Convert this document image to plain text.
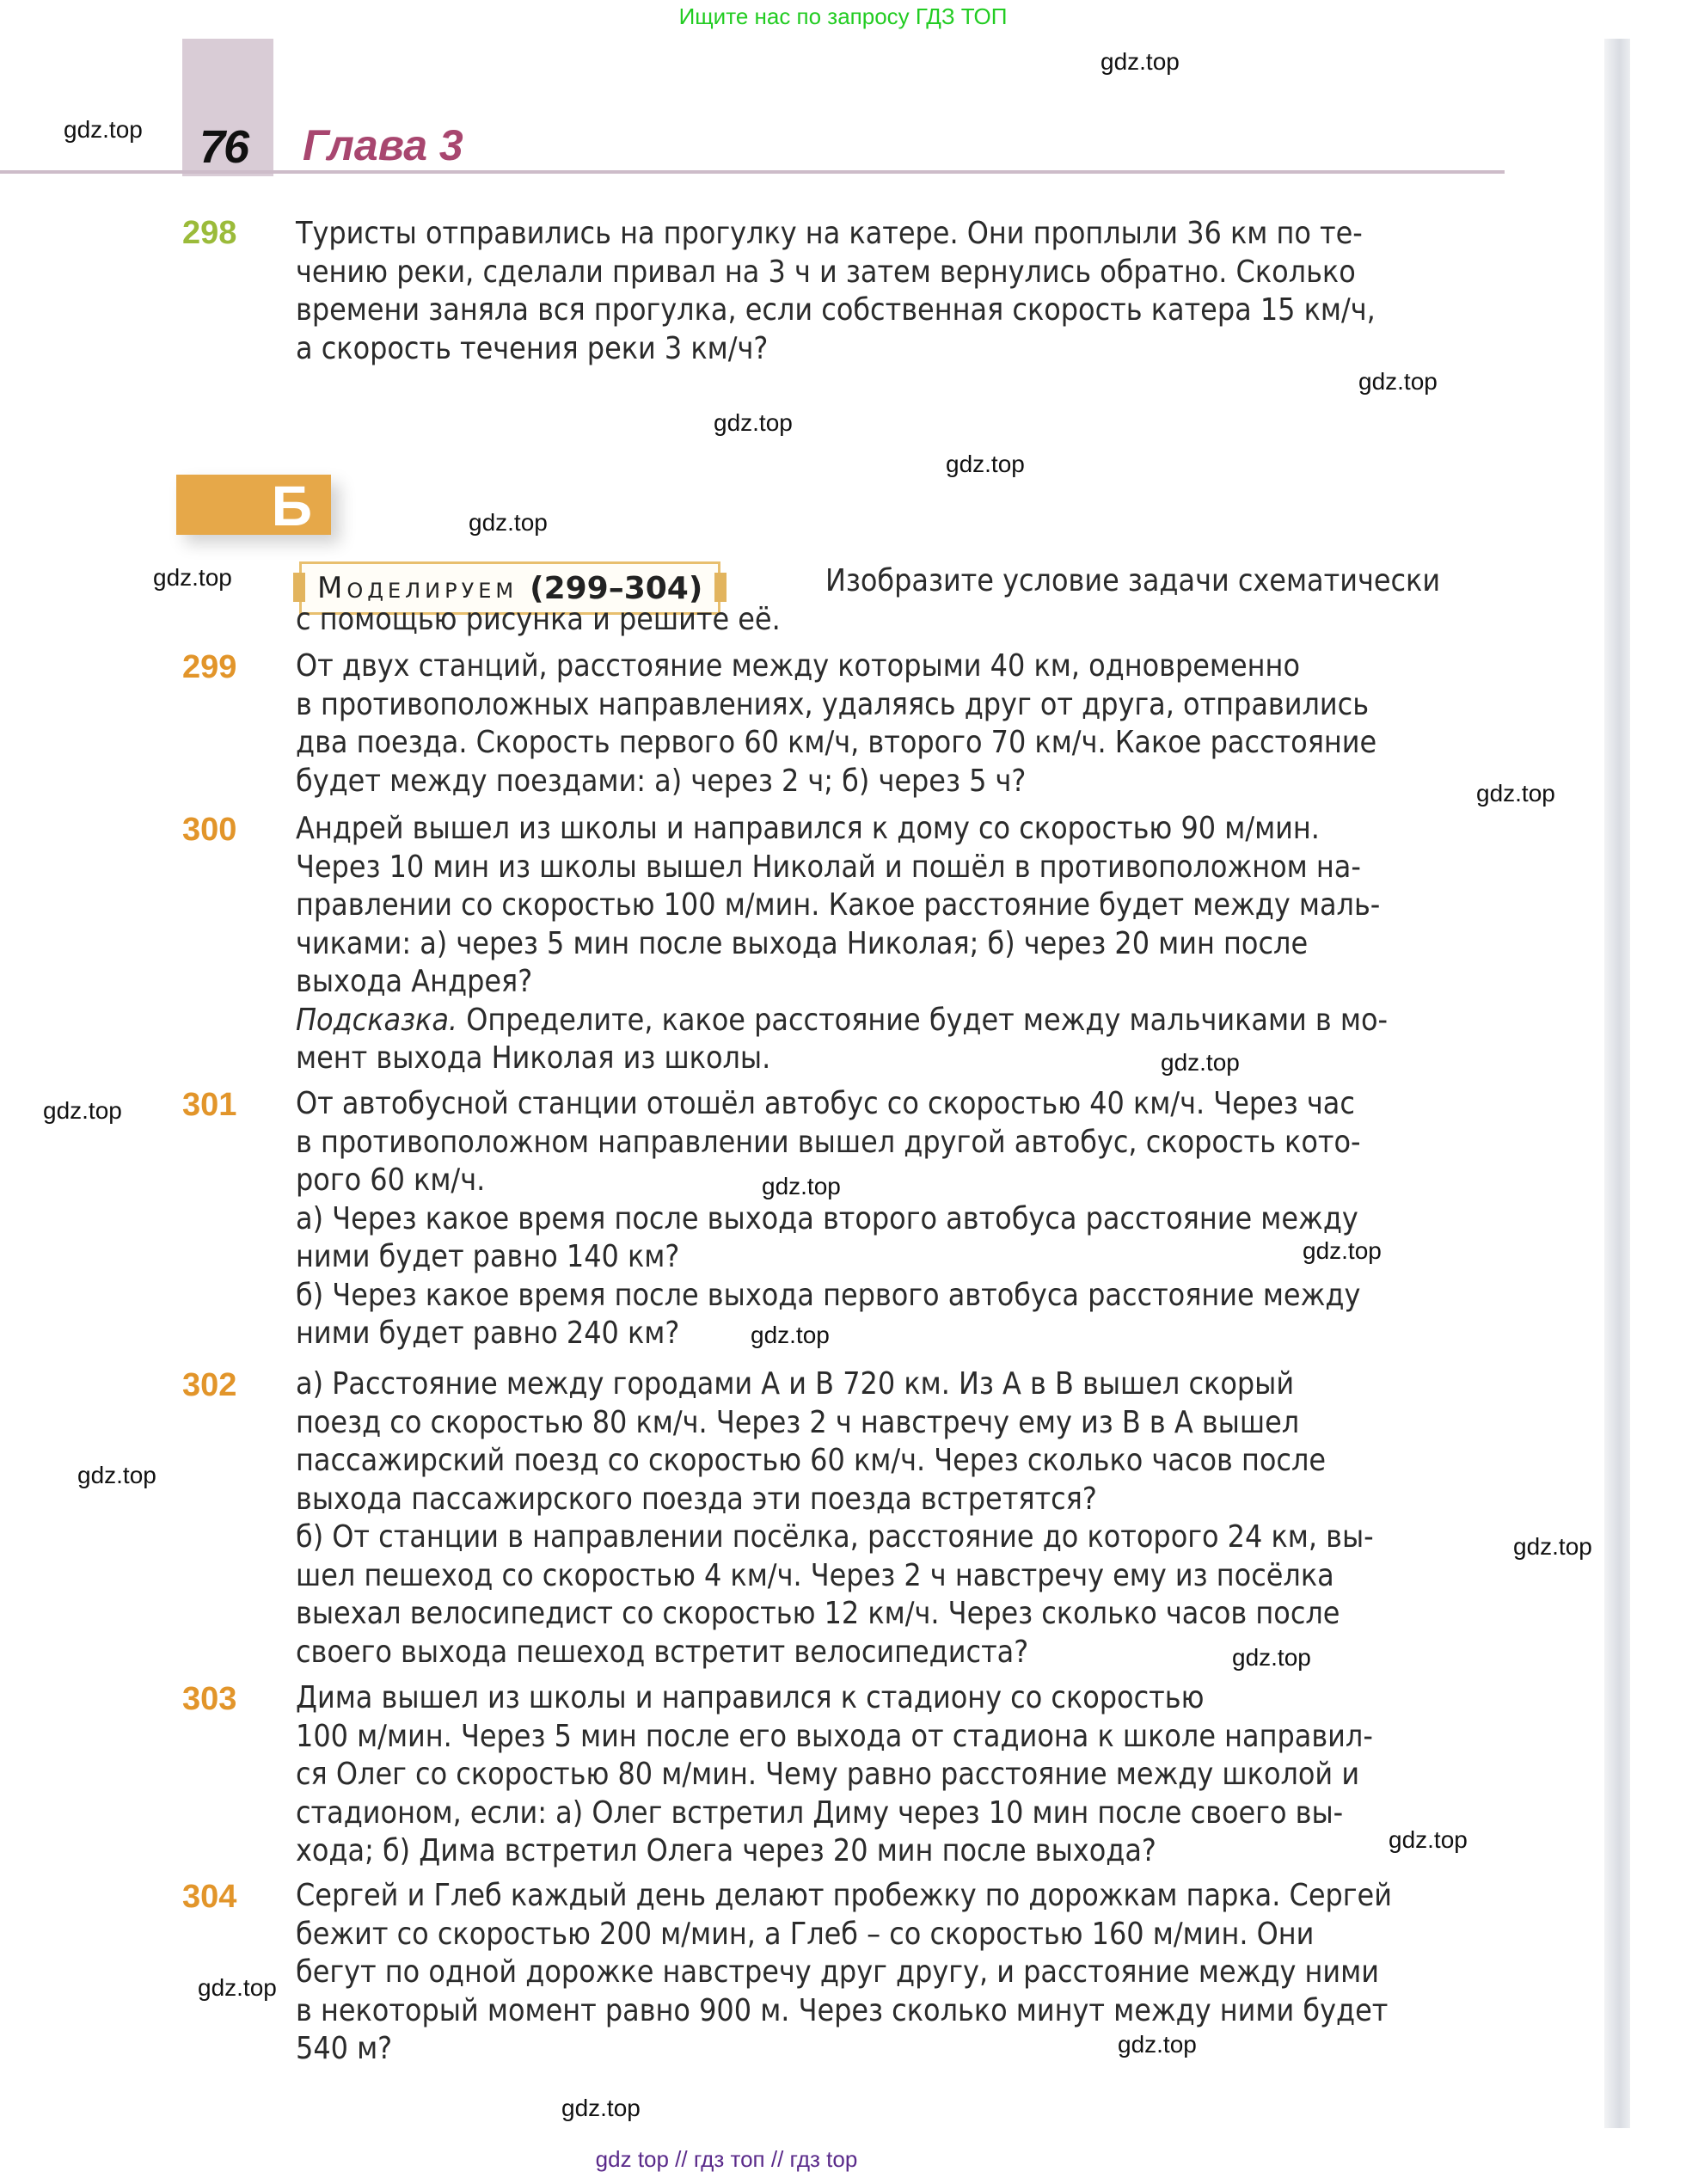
Ищите нас по запросу ГДЗ ТОП
76 Глава 3
298 Туристы отправились на прогулку на катере. Они проплыли 36 км по те-
чению реки, сделали привал на 3 ч и затем вернулись обратно. Сколько
времени заняла вся прогулка, если собственная скорость катера 15 км/ч,
а скорость течения реки 3 км/ч?
Б
Моделируем (299–304)	Изобразите условие задачи схематически
с помощью рисунка и решите её.
299 От двух станций, расстояние между которыми 40 км, одновременно
в противоположных направлениях, удаляясь друг от друга, отправились
два поезда. Скорость первого 60 км/ч, второго 70 км/ч. Какое расстояние
будет между поездами: а) через 2 ч; б) через 5 ч?
300 Андрей вышел из школы и направился к дому со скоростью 90 м/мин.
Через 10 мин из школы вышел Николай и пошёл в противоположном на-
правлении со скоростью 100 м/мин. Какое расстояние будет между маль-
чиками: а) через 5 мин после выхода Николая; б) через 20 мин после
выхода Андрея?
Подсказка. Определите, какое расстояние будет между мальчиками в мо-
мент выхода Николая из школы.
301 От автобусной станции отошёл автобус со скоростью 40 км/ч. Через час
в противоположном направлении вышел другой автобус, скорость кото-
рого 60 км/ч.
а) Через какое время после выхода второго автобуса расстояние между
ними будет равно 140 км?
б) Через какое время после выхода первого автобуса расстояние между
ними будет равно 240 км?
302 а) Расстояние между городами A и B 720 км. Из A в B вышел скорый
поезд со скоростью 80 км/ч. Через 2 ч навстречу ему из B в A вышел
пассажирский поезд со скоростью 60 км/ч. Через сколько часов после
выхода пассажирского поезда эти поезда встретятся?
б) От станции в направлении посёлка, расстояние до которого 24 км, вы-
шел пешеход со скоростью 4 км/ч. Через 2 ч навстречу ему из посёлка
выехал велосипедист со скоростью 12 км/ч. Через сколько часов после
своего выхода пешеход встретит велосипедиста?
303 Дима вышел из школы и направился к стадиону со скоростью
100 м/мин. Через 5 мин после его выхода от стадиона к школе направил-
ся Олег со скоростью 80 м/мин. Чему равно расстояние между школой и
стадионом, если: а) Олег встретил Диму через 10 мин после своего вы-
хода; б) Дима встретил Олега через 20 мин после выхода?
304 Сергей и Глеб каждый день делают пробежку по дорожкам парка. Сергей
бежит со скоростью 200 м/мин, а Глеб – со скоростью 160 м/мин. Они
бегут по одной дорожке навстречу друг другу, и расстояние между ними
в некоторый момент равно 900 м. Через сколько минут между ними будет
540 м?
gdz.top
gdz.top
gdz.top
gdz.top
gdz.top
gdz.top
gdz.top
gdz.top
gdz.top
gdz.top
gdz.top
gdz.top
gdz.top
gdz.top
gdz.top
gdz.top
gdz.top
gdz.top
gdz.top
gdz.top
gdz top // гдз топ // гдз top
